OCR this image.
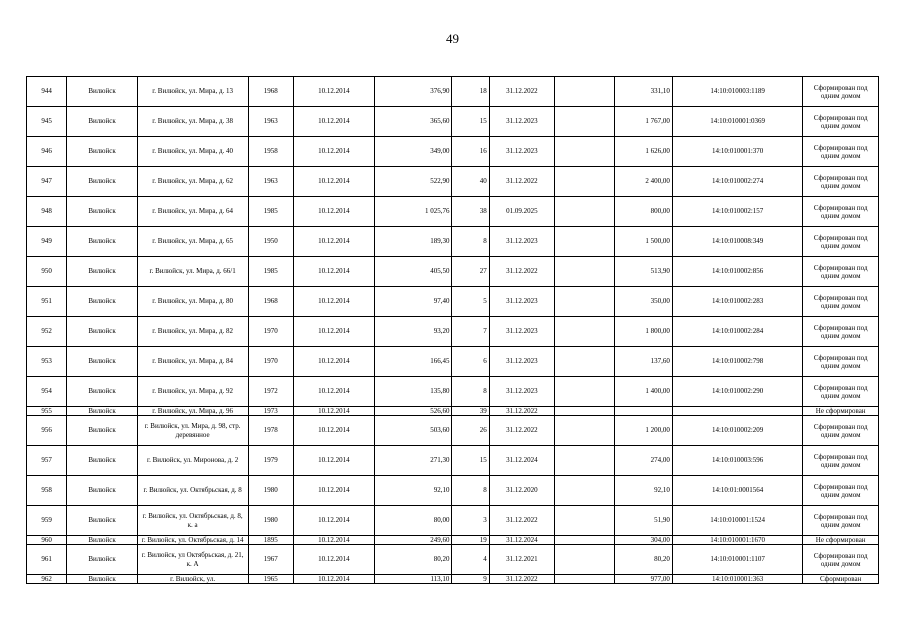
49
944	Вилюйск	г. Вилюйск, ул. Мира, д. 13	1968	10.12.2014	376,90	18	31.12.2022		331,10	14:10:010003:1189	Сформирован под одним домом
945	Вилюйск	г. Вилюйск, ул. Мира, д. 38	1963	10.12.2014	365,60	15	31.12.2023		1 767,00	14:10:010001:0369	Сформирован под одним домом
946	Вилюйск	г. Вилюйск, ул. Мира, д. 40	1958	10.12.2014	349,00	16	31.12.2023		1 626,00	14:10:010001:370	Сформирован под одним домом
947	Вилюйск	г. Вилюйск, ул. Мира, д. 62	1963	10.12.2014	522,90	40	31.12.2022		2 400,00	14:10:010002:274	Сформирован под одним домом
948	Вилюйск	г. Вилюйск, ул. Мира, д. 64	1985	10.12.2014	1 025,76	38	01.09.2025		800,00	14:10:010002:157	Сформирован под одним домом
949	Вилюйск	г. Вилюйск, ул. Мира, д. 65	1950	10.12.2014	189,30	8	31.12.2023		1 500,00	14:10:010008:349	Сформирован под одним домом
950	Вилюйск	г. Вилюйск, ул. Мира, д. 66/1	1985	10.12.2014	405,50	27	31.12.2022		513,90	14:10:010002:856	Сформирован под одним домом
951	Вилюйск	г. Вилюйск, ул. Мира, д. 80	1968	10.12.2014	97,40	5	31.12.2023		350,00	14:10:010002:283	Сформирован под одним домом
952	Вилюйск	г. Вилюйск, ул. Мира, д. 82	1970	10.12.2014	93,20	7	31.12.2023		1 800,00	14:10:010002:284	Сформирован под одним домом
953	Вилюйск	г. Вилюйск, ул. Мира, д. 84	1970	10.12.2014	166,45	6	31.12.2023		137,60	14:10:010002:798	Сформирован под одним домом
954	Вилюйск	г. Вилюйск, ул. Мира, д. 92	1972	10.12.2014	135,80	8	31.12.2023		1 400,00	14:10:010002:290	Сформирован под одним домом
955	Вилюйск	г. Вилюйск, ул. Мира, д. 96	1973	10.12.2014	526,60	39	31.12.2022				Не сформирован
956	Вилюйск	г. Вилюйск, ул. Мира, д. 98, стр. деревянное	1978	10.12.2014	503,60	26	31.12.2022		1 200,00	14:10:010002:209	Сформирован под одним домом
957	Вилюйск	г. Вилюйск, ул. Миронова, д. 2	1979	10.12.2014	271,30	15	31.12.2024		274,00	14:10:010003:596	Сформирован под одним домом
958	Вилюйск	г. Вилюйск, ул. Октябрьская, д. 8	1980	10.12.2014	92,10	8	31.12.2020		92,10	14:10:01:0001564	Сформирован под одним домом
959	Вилюйск	г. Вилюйск, ул. Октябрьская, д. 8, к. а	1980	10.12.2014	80,00	3	31.12.2022		51,90	14:10:010001:1524	Сформирован под одним домом
960	Вилюйск	г. Вилюйск, ул. Октябрьская, д. 14	1895	10.12.2014	249,60	19	31.12.2024		304,00	14:10:010001:1670	Не сформирован
961	Вилюйск	г. Вилюйск, ул Октябрьская, д. 21, к. А	1967	10.12.2014	80,20	4	31.12.2021		80,20	14:10:010001:1107	Сформирован под одним домом
962	Вилюйск	г. Вилюйск, ул.	1965	10.12.2014	113,10	9	31.12.2022		977,00	14:10:010001:363	Сформирован
